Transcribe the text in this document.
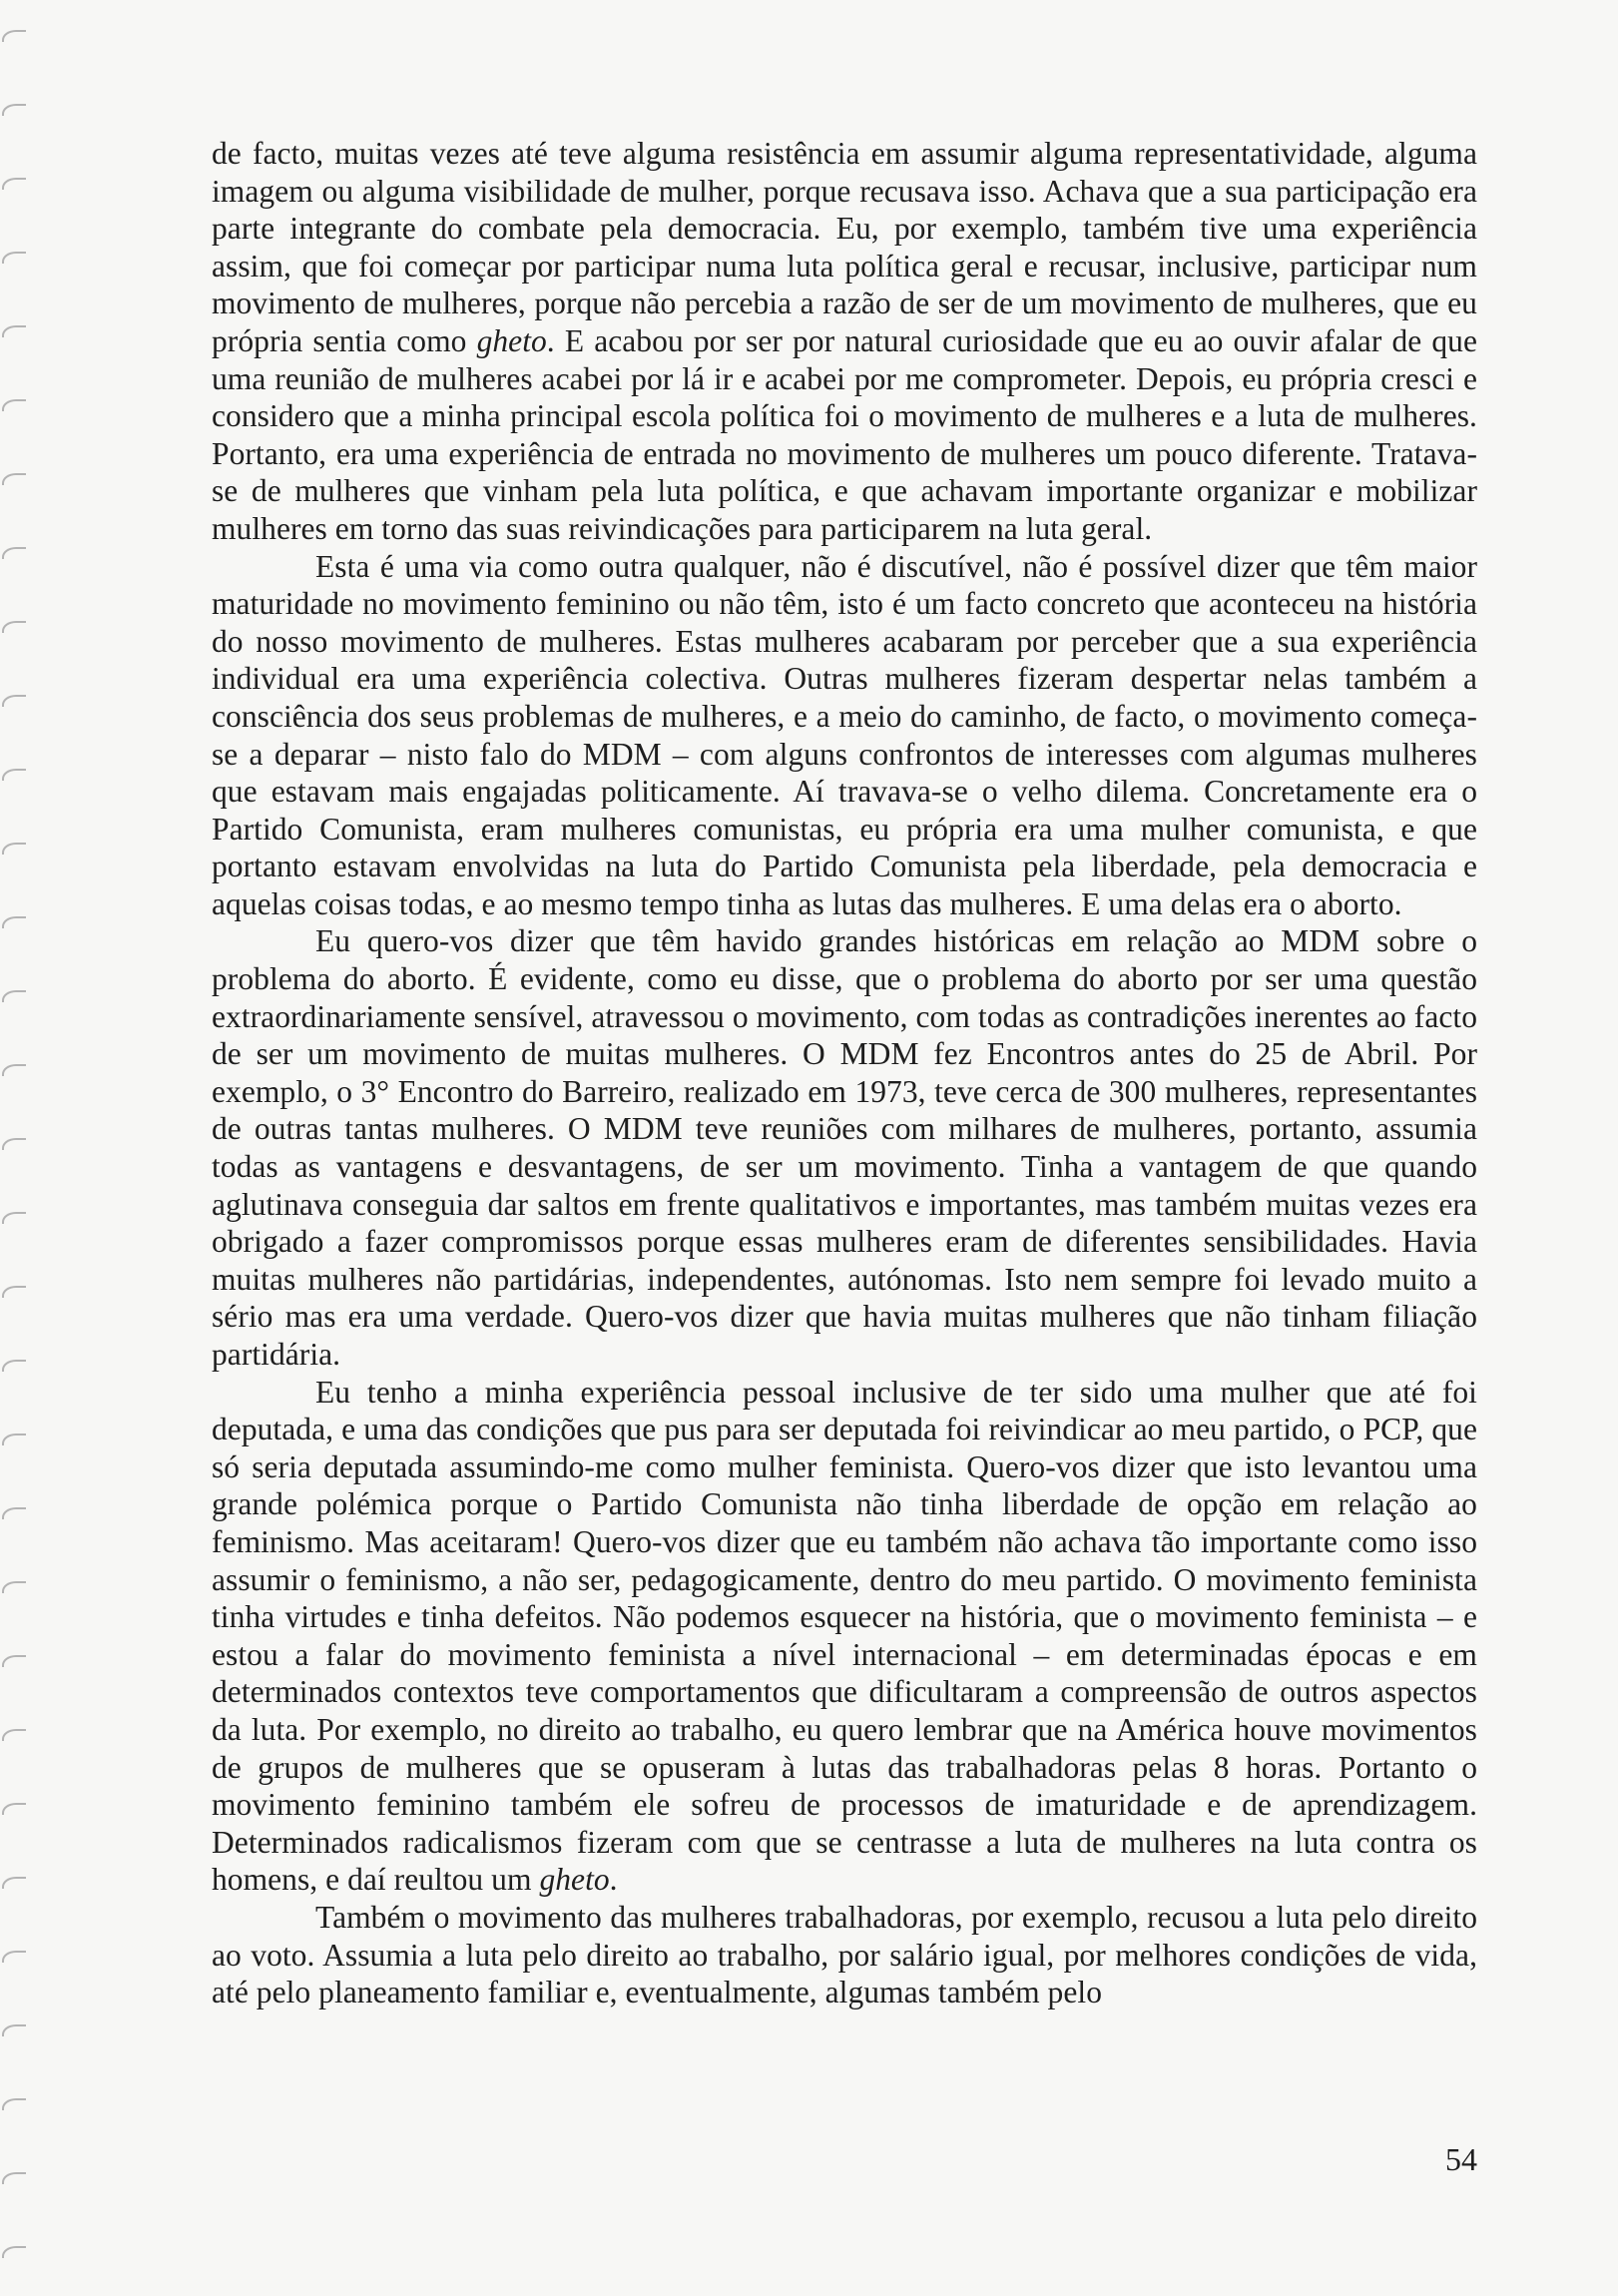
de facto, muitas vezes até teve alguma resistência em assumir alguma representatividade, alguma imagem ou alguma visibilidade de mulher, porque recusava isso. Achava que a sua participação era parte integrante do combate pela democracia. Eu, por exemplo, também tive uma experiência assim, que foi começar por participar numa luta política geral e recusar, inclusive, participar num movimento de mulheres, porque não percebia a razão de ser de um movimento de mulheres, que eu própria sentia como gheto. E acabou por ser por natural curiosidade que eu ao ouvir afalar de que uma reunião de mulheres acabei por lá ir e acabei por me comprometer. Depois, eu própria cresci e considero que a minha principal escola política foi o movimento de mulheres e a luta de mulheres. Portanto, era uma experiência de entrada no movimento de mulheres um pouco diferente. Tratava-se de mulheres que vinham pela luta política, e que achavam importante organizar e mobilizar mulheres em torno das suas reivindicações para participarem na luta geral.

Esta é uma via como outra qualquer, não é discutível, não é possível dizer que têm maior maturidade no movimento feminino ou não têm, isto é um facto concreto que aconteceu na história do nosso movimento de mulheres. Estas mulheres acabaram por perceber que a sua experiência individual era uma experiência colectiva. Outras mulheres fizeram despertar nelas também a consciência dos seus problemas de mulheres, e a meio do caminho, de facto, o movimento começa-se a deparar – nisto falo do MDM – com alguns confrontos de interesses com algumas mulheres que estavam mais engajadas politicamente. Aí travava-se o velho dilema. Concretamente era o Partido Comunista, eram mulheres comunistas, eu própria era uma mulher comunista, e que portanto estavam envolvidas na luta do Partido Comunista pela liberdade, pela democracia e aquelas coisas todas, e ao mesmo tempo tinha as lutas das mulheres. E uma delas era o aborto.

Eu quero-vos dizer que têm havido grandes históricas em relação ao MDM sobre o problema do aborto. É evidente, como eu disse, que o problema do aborto por ser uma questão extraordinariamente sensível, atravessou o movimento, com todas as contradições inerentes ao facto de ser um movimento de muitas mulheres. O MDM fez Encontros antes do 25 de Abril. Por exemplo, o 3° Encontro do Barreiro, realizado em 1973, teve cerca de 300 mulheres, representantes de outras tantas mulheres. O MDM teve reuniões com milhares de mulheres, portanto, assumia todas as vantagens e desvantagens, de ser um movimento. Tinha a vantagem de que quando aglutinava conseguia dar saltos em frente qualitativos e importantes, mas também muitas vezes era obrigado a fazer compromissos porque essas mulheres eram de diferentes sensibilidades. Havia muitas mulheres não partidárias, independentes, autónomas. Isto nem sempre foi levado muito a sério mas era uma verdade. Quero-vos dizer que havia muitas mulheres que não tinham filiação partidária.

Eu tenho a minha experiência pessoal inclusive de ter sido uma mulher que até foi deputada, e uma das condições que pus para ser deputada foi reivindicar ao meu partido, o PCP, que só seria deputada assumindo-me como mulher feminista. Quero-vos dizer que isto levantou uma grande polémica porque o Partido Comunista não tinha liberdade de opção em relação ao feminismo. Mas aceitaram! Quero-vos dizer que eu também não achava tão importante como isso assumir o feminismo, a não ser, pedagogicamente, dentro do meu partido. O movimento feminista tinha virtudes e tinha defeitos. Não podemos esquecer na história, que o movimento feminista – e estou a falar do movimento feminista a nível internacional – em determinadas épocas e em determinados contextos teve comportamentos que dificultaram a compreensão de outros aspectos da luta. Por exemplo, no direito ao trabalho, eu quero lembrar que na América houve movimentos de grupos de mulheres que se opuseram à lutas das trabalhadoras pelas 8 horas. Portanto o movimento feminino também ele sofreu de processos de imaturidade e de aprendizagem. Determinados radicalismos fizeram com que se centrasse a luta de mulheres na luta contra os homens, e daí reultou um gheto.

Também o movimento das mulheres trabalhadoras, por exemplo, recusou a luta pelo direito ao voto. Assumia a luta pelo direito ao trabalho, por salário igual, por melhores condições de vida, até pelo planeamento familiar e, eventualmente, algumas também pelo

54
